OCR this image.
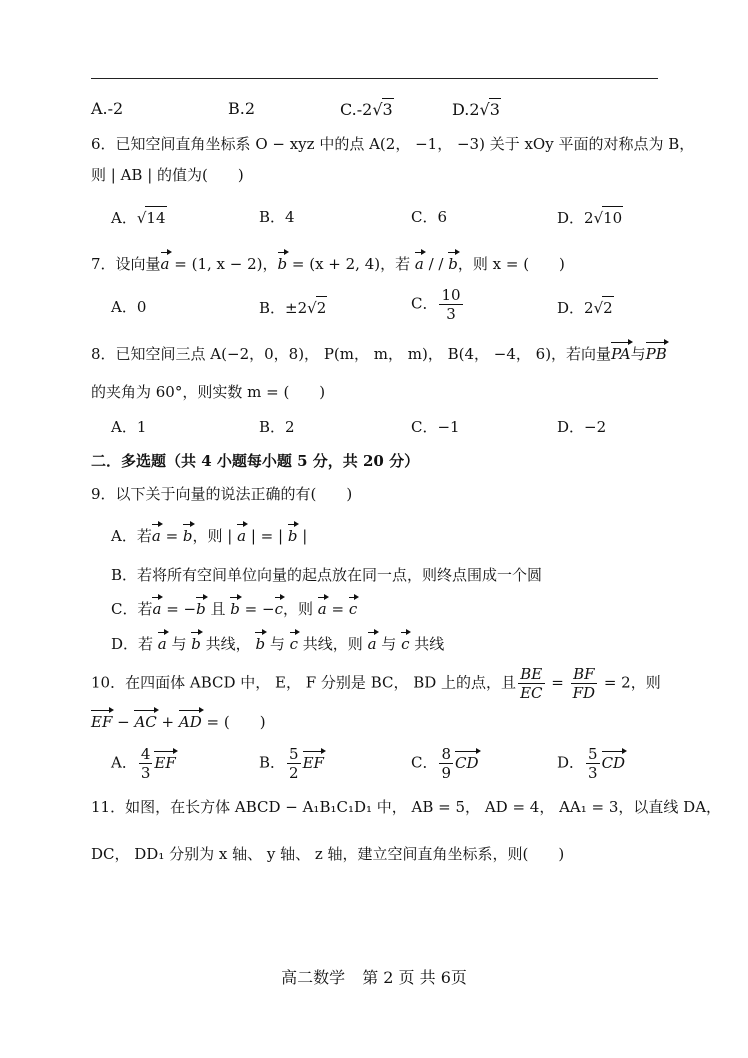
A.-2	B.2	C.-2√3	D.2√3
6．已知空间直角坐标系 O − xyz 中的点 A(2， −1， −3) 关于 xOy 平面的对称点为 B，
则 | AB | 的值为(　　)
A．√14	B．4	C．6	D．2√10
7．设向量a = (1, x − 2)，b = (x + 2, 4)，若 a / / b，则 x = (　　)
A．0	B．±2√2	C． $\frac{10}{3}$	D．2√2
8．已知空间三点 A(−2，0，8)， P(m， m， m)， B(4， −4， 6)，若向量PA与PB
的夹角为 60°，则实数 m = (　　)
A．1	B．2	C．−1	D．−2
二．多选题（共 4 小题每小题 5 分，共 20 分）
9．以下关于向量的说法正确的有(　　)
A．若a = b，则 | a | = | b |
B．若将所有空间单位向量的起点放在同一点，则终点围成一个圆
C．若a = −b 且 b = −c，则 a = c
D．若 a 与 b 共线， b 与 c 共线，则 a 与 c 共线
10．在四面体 ABCD 中， E， F 分别是 BC， BD 上的点，且 $\frac{BE}{EC} = \frac{BF}{FD} = 2$，则
EF − AC + AD = (　　)
A． $\frac{4}{3}$ EF	B． $\frac{5}{2}$ EF	C． $\frac{8}{9}$ CD	D． $\frac{5}{3}$ CD
11．如图，在长方体 ABCD − A₁B₁C₁D₁ 中， AB = 5， AD = 4， AA₁ = 3，以直线 DA，
DC， DD₁ 分别为 x 轴、 y 轴、 z 轴，建立空间直角坐标系，则(　　)
高二数学 第 2 页 共 6页
